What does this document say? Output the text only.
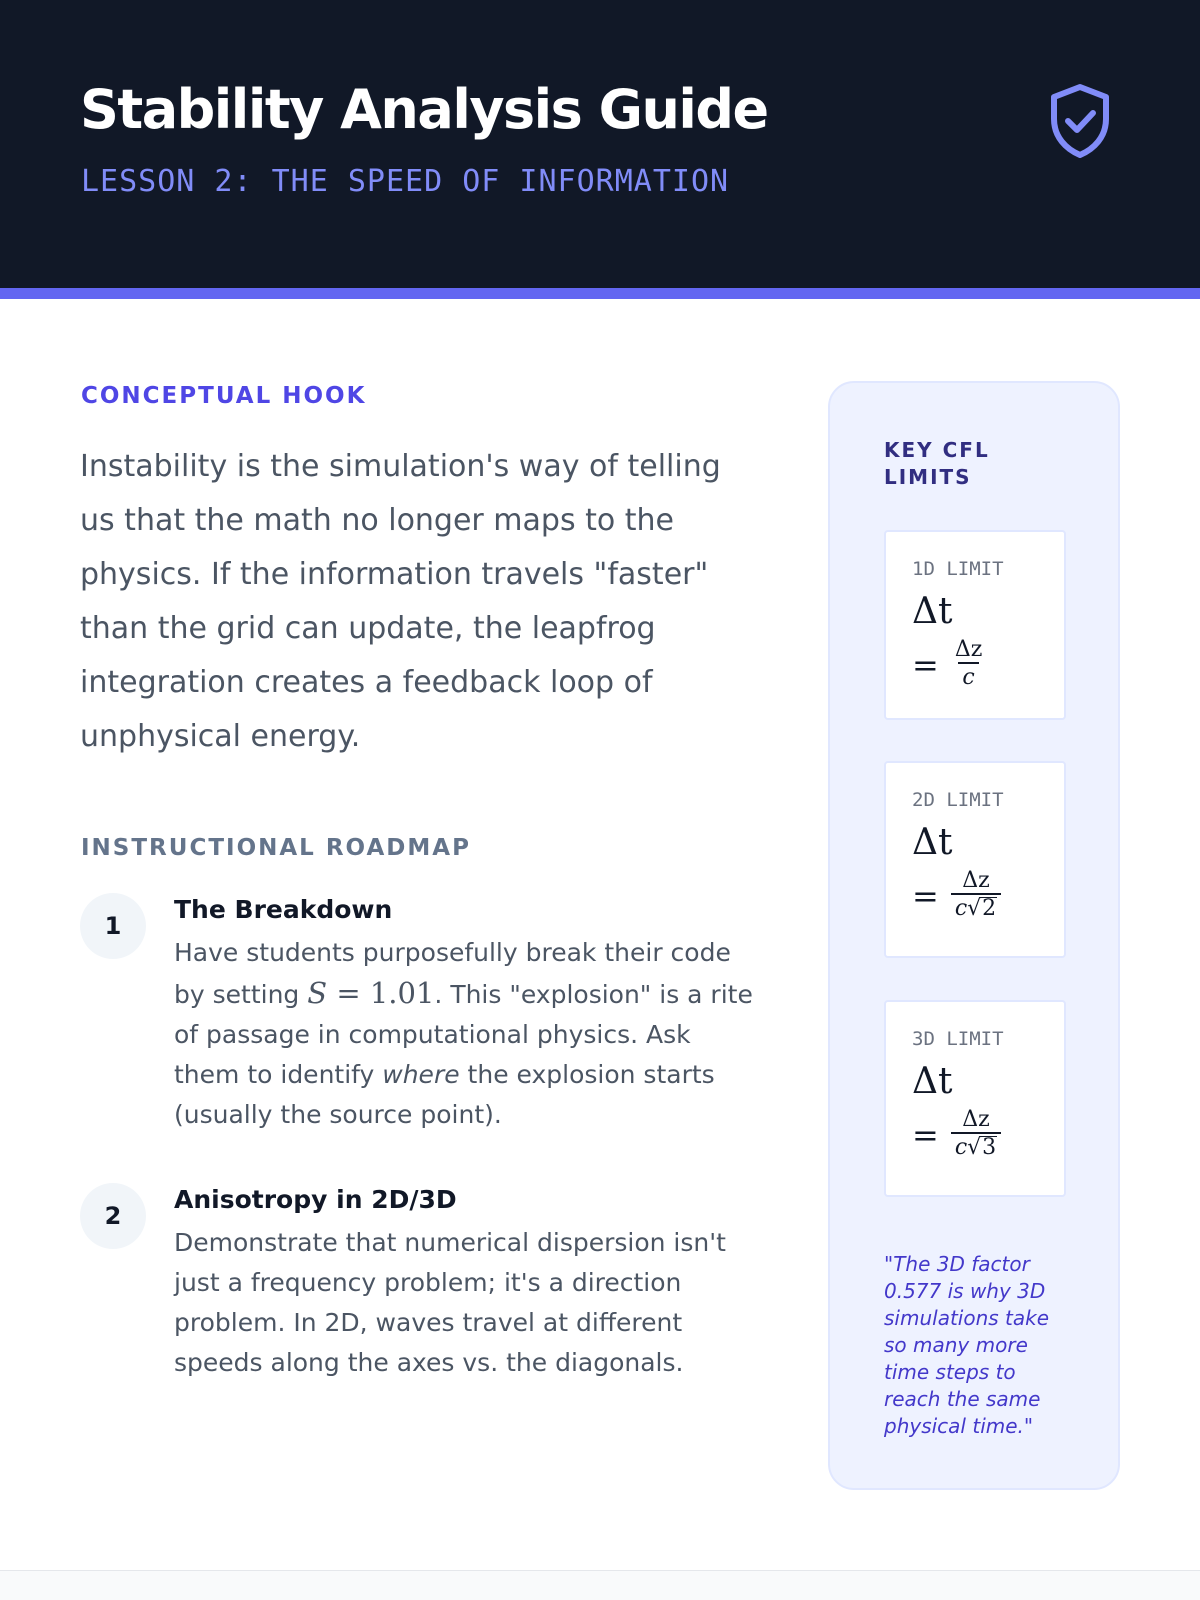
Stability Analysis Guide
LESSON 2: THE SPEED OF INFORMATION
CONCEPTUAL HOOK
Instability is the simulation's way of telling us that the math no longer maps to the physics. If the information travels "faster" than the grid can update, the leapfrog integration creates a feedback loop of unphysical energy.
INSTRUCTIONAL ROADMAP
1
The Breakdown
Have students purposefully break their code by setting S = 1.01. This "explosion" is a rite of passage in computational physics. Ask them to identify where the explosion starts (usually the source point).
2
Anisotropy in 2D/3D
Demonstrate that numerical dispersion isn't just a frequency problem; it's a direction problem. In 2D, waves travel at different speeds along the axes vs. the diagonals.
KEY CFL LIMITS
1D LIMIT
Δt
= $\frac{\Delta z}{c}$
2D LIMIT
Δt
= $\frac{\Delta z}{c√2}$
3D LIMIT
Δt
= $\frac{\Delta z}{c√3}$
"The 3D factor 0.577 is why 3D simulations take so many more time steps to reach the same physical time."
